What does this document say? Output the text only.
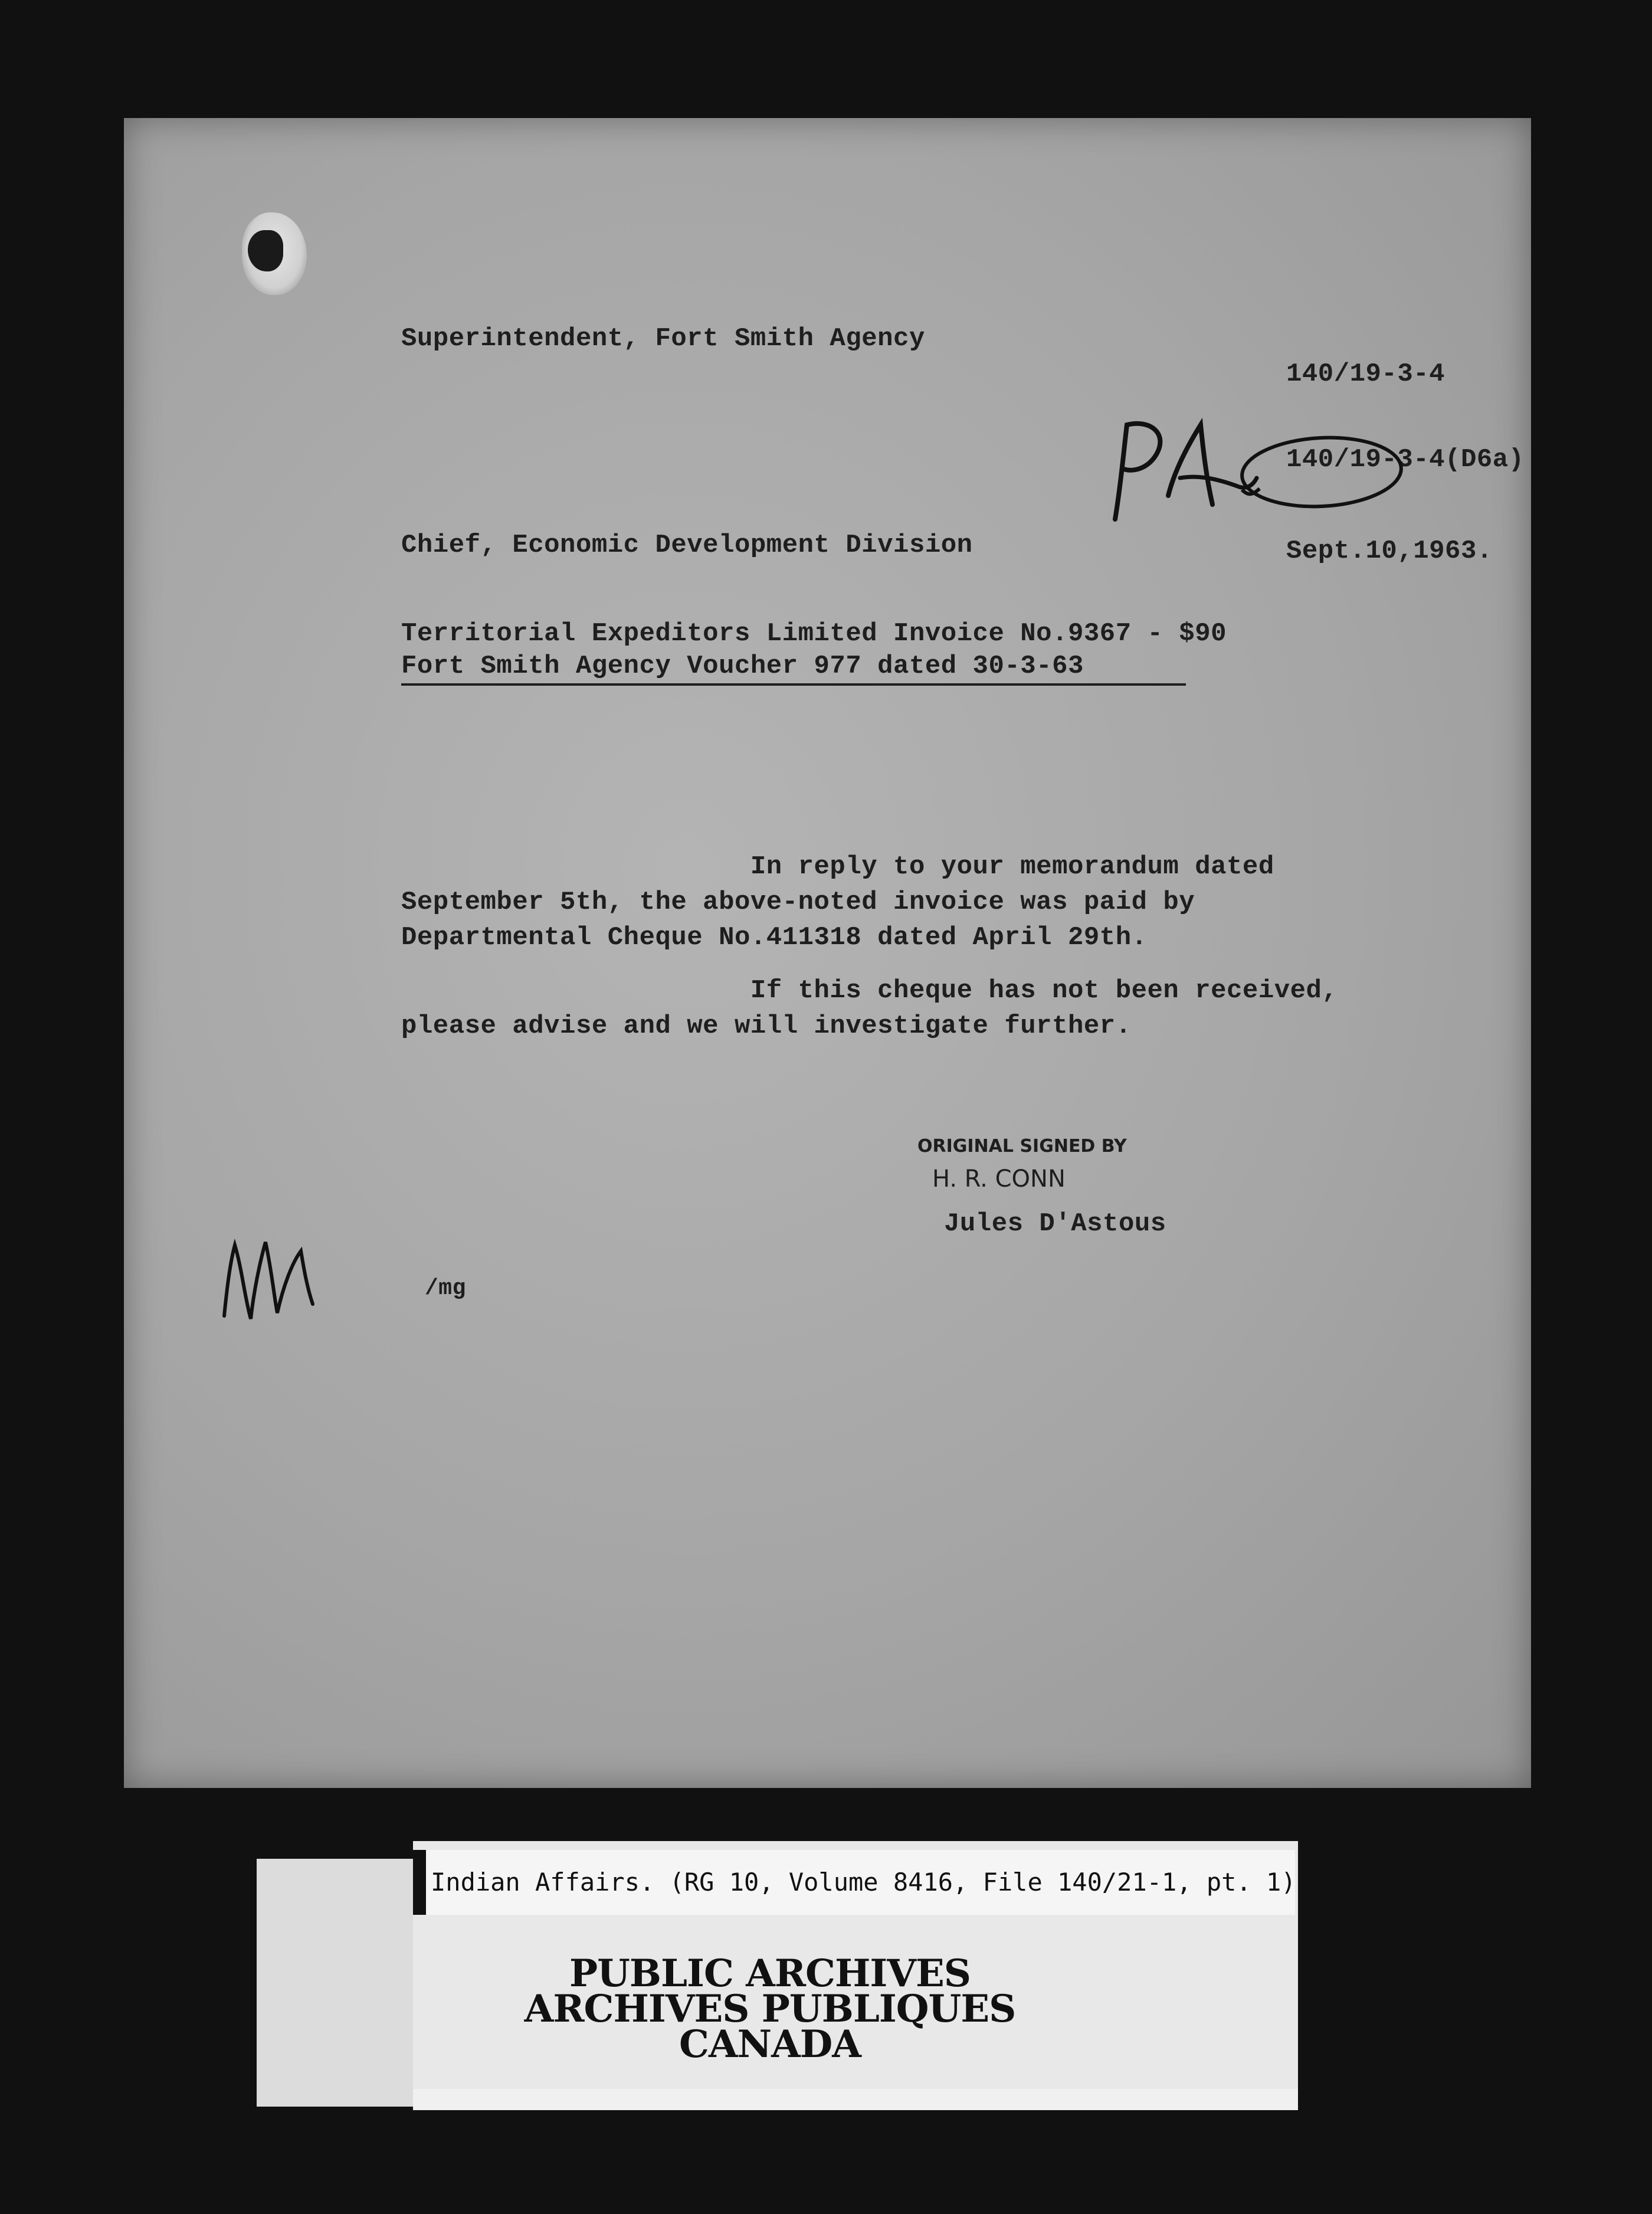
Superintendent, Fort Smith Agency
140/19-3-4
140/19-3-4(D6a)
Chief, Economic Development Division	Sept.10,1963.
Territorial Expeditors Limited Invoice No.9367 - $90
Fort Smith Agency Voucher 977 dated 30-3-63
In reply to your memorandum dated
September 5th, the above-noted invoice was paid by
Departmental Cheque No.411318 dated April 29th.
If this cheque has not been received,
please advise and we will investigate further.
ORIGINAL SIGNED BY
H. R. CONN
Jules D'Astous
/mg
Indian Affairs. (RG 10, Volume 8416, File 140/21-1, pt. 1)
PUBLIC ARCHIVES
ARCHIVES PUBLIQUES
CANADA
